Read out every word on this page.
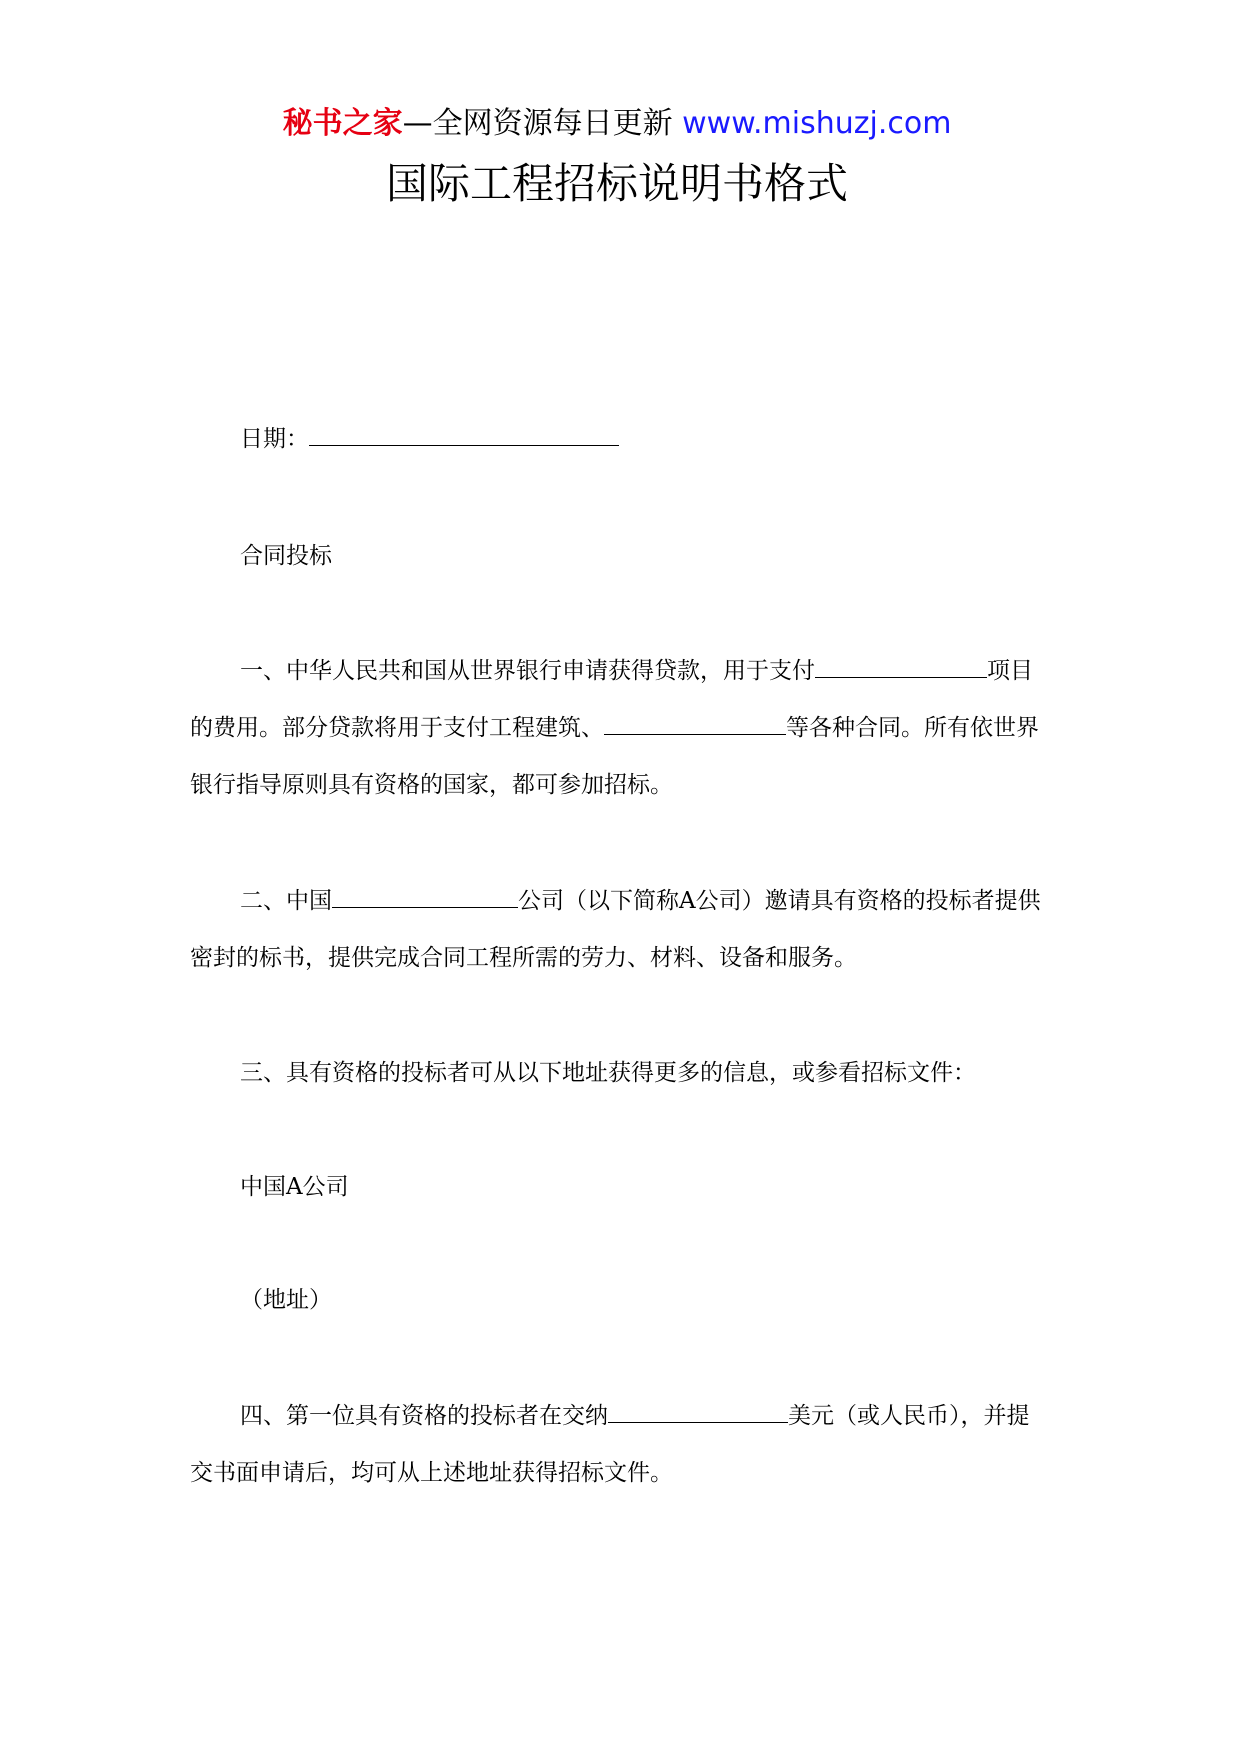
秘书之家—全网资源每日更新 www.mishuzj.com
国际工程招标说明书格式

日期：

合同投标

一、中华人民共和国从世界银行申请获得贷款，用于支付	项目的费用。部分贷款将用于支付工程建筑、	等各种合同。所有依世界银行指导原则具有资格的国家，都可参加招标。

二、中国	公司（以下简称A公司）邀请具有资格的投标者提供密封的标书，提供完成合同工程所需的劳力、材料、设备和服务。

三、具有资格的投标者可从以下地址获得更多的信息，或参看招标文件：

中国A公司

（地址）

四、第一位具有资格的投标者在交纳	美元（或人民币），并提交书面申请后，均可从上述地址获得招标文件。
